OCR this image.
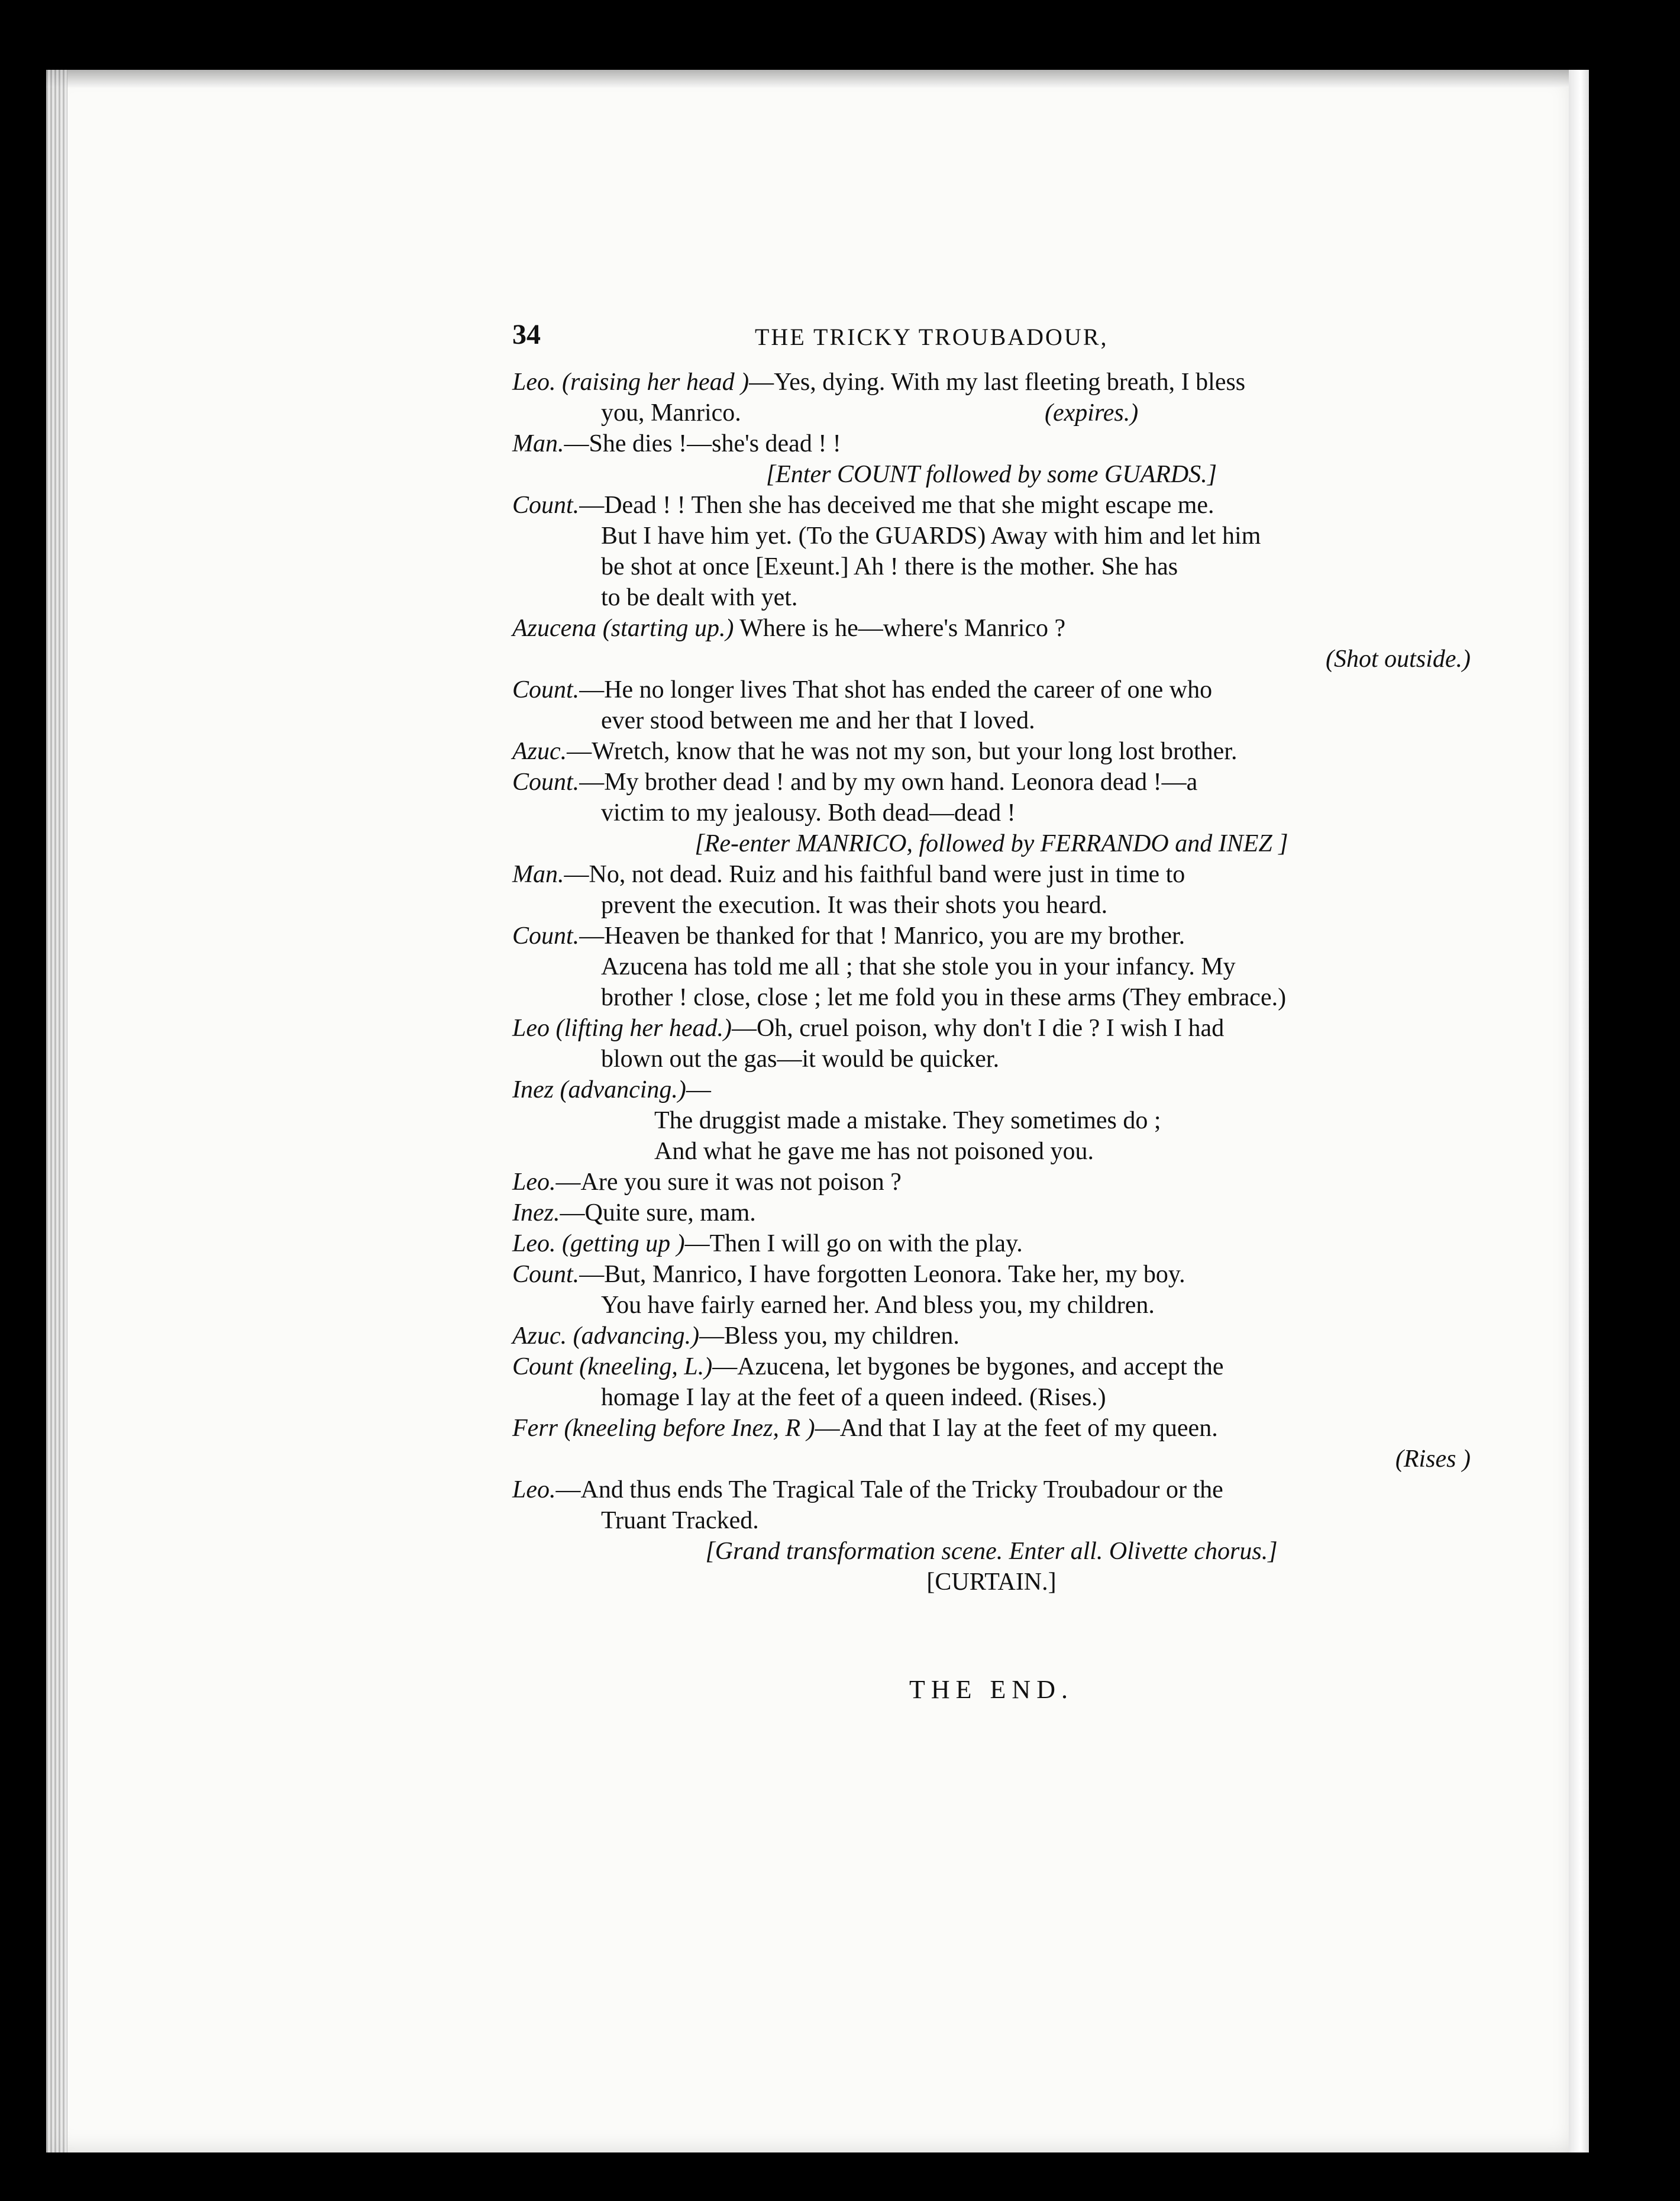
34	THE TRICKY TROUBADOUR,
Leo. (raising her head )—Yes, dying. With my last fleeting breath, I bless
you, Manrico.	(expires.)
Man.—She dies !—she's dead ! !
[Enter COUNT followed by some GUARDS.]
Count.—Dead ! ! Then she has deceived me that she might escape me.
But I have him yet. (To the GUARDS) Away with him and let him
be shot at once [Exeunt.] Ah ! there is the mother. She has
to be dealt with yet.
Azucena (starting up.) Where is he—where's Manrico ?
(Shot outside.)
Count.—He no longer lives That shot has ended the career of one who
ever stood between me and her that I loved.
Azuc.—Wretch, know that he was not my son, but your long lost brother.
Count.—My brother dead ! and by my own hand. Leonora dead !—a
victim to my jealousy. Both dead—dead !
[Re-enter MANRICO, followed by FERRANDO and INEZ ]
Man.—No, not dead. Ruiz and his faithful band were just in time to
prevent the execution. It was their shots you heard.
Count.—Heaven be thanked for that ! Manrico, you are my brother.
Azucena has told me all ; that she stole you in your infancy. My
brother ! close, close ; let me fold you in these arms (They embrace.)
Leo (lifting her head.)—Oh, cruel poison, why don't I die ? I wish I had
blown out the gas—it would be quicker.
Inez (advancing.)—
The druggist made a mistake. They sometimes do ;
And what he gave me has not poisoned you.
Leo.—Are you sure it was not poison ?
Inez.—Quite sure, mam.
Leo. (getting up )—Then I will go on with the play.
Count.—But, Manrico, I have forgotten Leonora. Take her, my boy.
You have fairly earned her. And bless you, my children.
Azuc. (advancing.)—Bless you, my children.
Count (kneeling, L.)—Azucena, let bygones be bygones, and accept the
homage I lay at the feet of a queen indeed. (Rises.)
Ferr (kneeling before Inez, R )—And that I lay at the feet of my queen.
(Rises )
Leo.—And thus ends The Tragical Tale of the Tricky Troubadour or the
Truant Tracked.
[Grand transformation scene. Enter all. Olivette chorus.]
[CURTAIN.]
THE END.
